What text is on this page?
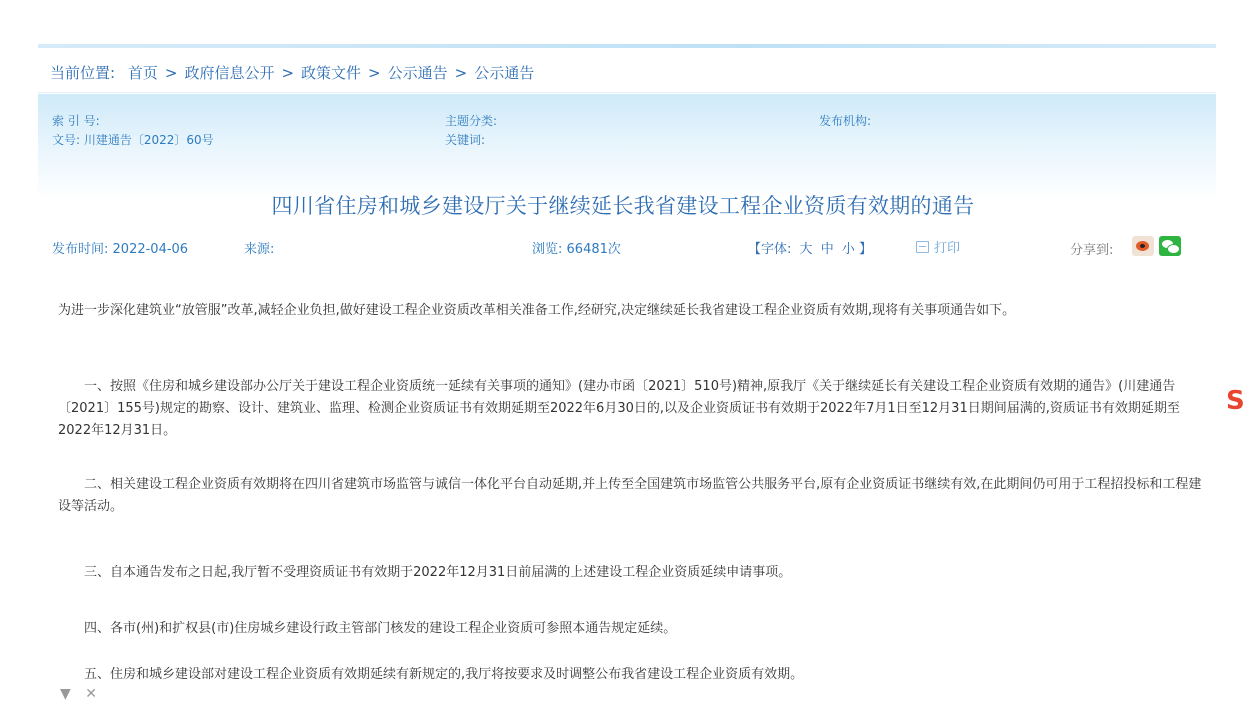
当前位置: 首页 > 政府信息公开 > 政策文件 > 公示通告 > 公示通告
索 引 号:
文号: 川建通告〔2022〕60号
主题分类:
关键词:
发布机构:
四川省住房和城乡建设厅关于继续延长我省建设工程企业资质有效期的通告
发布时间: 2022-04-06	来源:	浏览: 66481次	【字体: 大 中 小 】	打印	分享到:

为进一步深化建筑业“放管服”改革,减轻企业负担,做好建设工程企业资质改革相关准备工作,经研究,决定继续延长我省建设工程企业资质有效期,现将有关事项通告如下。

一、按照《住房和城乡建设部办公厅关于建设工程企业资质统一延续有关事项的通知》(建办市函〔2021〕510号)精神,原我厅《关于继续延长有关建设工程企业资质有效期的通告》(川建通告〔2021〕155号)规定的勘察、设计、建筑业、监理、检测企业资质证书有效期延期至2022年6月30日的,以及企业资质证书有效期于2022年7月1日至12月31日期间届满的,资质证书有效期延期至2022年12月31日。

二、相关建设工程企业资质有效期将在四川省建筑市场监管与诚信一体化平台自动延期,并上传至全国建筑市场监管公共服务平台,原有企业资质证书继续有效,在此期间仍可用于工程招投标和工程建设等活动。

三、自本通告发布之日起,我厅暂不受理资质证书有效期于2022年12月31日前届满的上述建设工程企业资质延续申请事项。

四、各市(州)和扩权县(市)住房城乡建设行政主管部门核发的建设工程企业资质可参照本通告规定延续。

五、住房和城乡建设部对建设工程企业资质有效期延续有新规定的,我厅将按要求及时调整公布我省建设工程企业资质有效期。

S
▼ ✕
